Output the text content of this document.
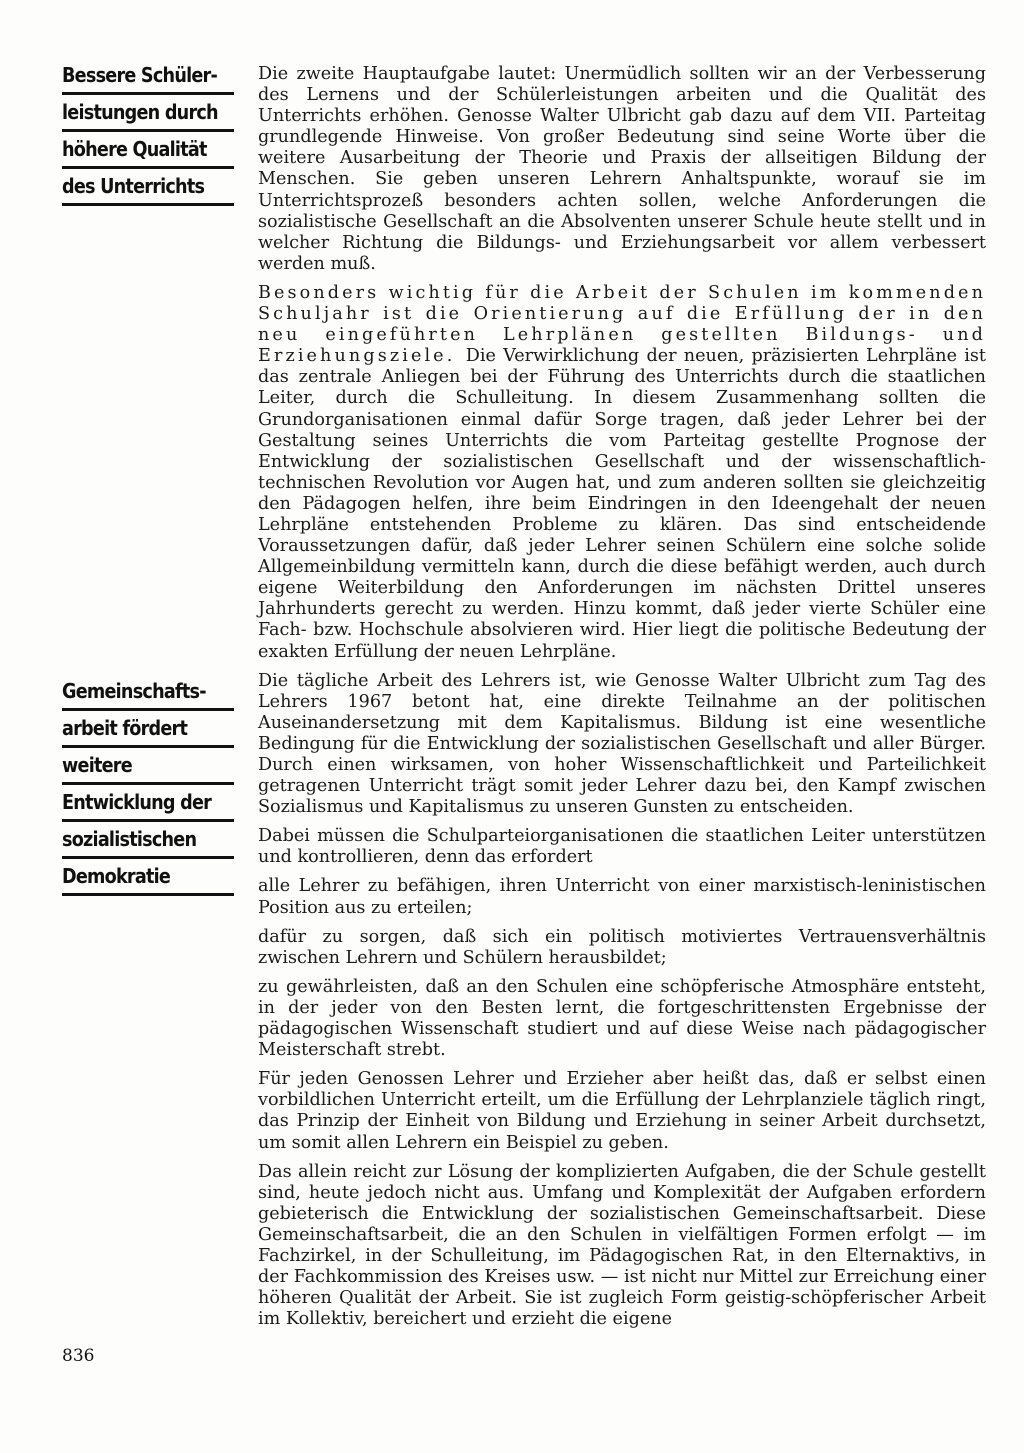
Bessere Schüler-
leistungen durch
höhere Qualität
des Unterrichts
Gemeinschafts-
arbeit fördert
weitere
Entwicklung der
sozialistischen
Demokratie

Die zweite Hauptaufgabe lautet: Unermüdlich sollten wir an der Verbesserung des Lernens und der Schülerleistungen arbeiten und die Qualität des Unterrichts erhöhen. Genosse Walter Ulbricht gab dazu auf dem VII. Parteitag grundlegende Hinweise. Von großer Bedeutung sind seine Worte über die weitere Ausarbeitung der Theorie und Praxis der allseitigen Bildung der Menschen. Sie geben unseren Lehrern Anhaltspunkte, worauf sie im Unterrichtsprozeß besonders achten sollen, welche Anforderungen die sozialistische Gesellschaft an die Absolventen unserer Schule heute stellt und in welcher Richtung die Bildungs- und Erziehungsarbeit vor allem verbessert werden muß.

Besonders wichtig für die Arbeit der Schulen im kommenden Schuljahr ist die Orientierung auf die Erfüllung der in den neu eingeführten Lehrplänen gestellten Bildungs- und Erziehungsziele. Die Verwirklichung der neuen, präzisierten Lehrpläne ist das zentrale Anliegen bei der Führung des Unterrichts durch die staatlichen Leiter, durch die Schulleitung. In diesem Zusammenhang sollten die Grundorganisationen einmal dafür Sorge tragen, daß jeder Lehrer bei der Gestaltung seines Unterrichts die vom Parteitag gestellte Prognose der Entwicklung der sozialistischen Gesellschaft und der wissenschaftlich-technischen Revolution vor Augen hat, und zum anderen sollten sie gleichzeitig den Pädagogen helfen, ihre beim Eindringen in den Ideengehalt der neuen Lehrpläne entstehenden Probleme zu klären. Das sind entscheidende Voraussetzungen dafür, daß jeder Lehrer seinen Schülern eine solche solide Allgemeinbildung vermitteln kann, durch die diese befähigt werden, auch durch eigene Weiterbildung den Anforderungen im nächsten Drittel unseres Jahrhunderts gerecht zu werden. Hinzu kommt, daß jeder vierte Schüler eine Fach- bzw. Hochschule absolvieren wird. Hier liegt die politische Bedeutung der exakten Erfüllung der neuen Lehrpläne.

Die tägliche Arbeit des Lehrers ist, wie Genosse Walter Ulbricht zum Tag des Lehrers 1967 betont hat, eine direkte Teilnahme an der politischen Auseinandersetzung mit dem Kapitalismus. Bildung ist eine wesentliche Bedingung für die Entwicklung der sozialistischen Gesellschaft und aller Bürger. Durch einen wirksamen, von hoher Wissenschaftlichkeit und Parteilichkeit getragenen Unterricht trägt somit jeder Lehrer dazu bei, den Kampf zwischen Sozialismus und Kapitalismus zu unseren Gunsten zu entscheiden.

Dabei müssen die Schulparteiorganisationen die staatlichen Leiter unterstützen und kontrollieren, denn das erfordert

alle Lehrer zu befähigen, ihren Unterricht von einer marxistisch-leninistischen Position aus zu erteilen;

dafür zu sorgen, daß sich ein politisch motiviertes Vertrauensverhältnis zwischen Lehrern und Schülern herausbildet;

zu gewährleisten, daß an den Schulen eine schöpferische Atmosphäre entsteht, in der jeder von den Besten lernt, die fortgeschrittensten Ergebnisse der pädagogischen Wissenschaft studiert und auf diese Weise nach pädagogischer Meisterschaft strebt.

Für jeden Genossen Lehrer und Erzieher aber heißt das, daß er selbst einen vorbildlichen Unterricht erteilt, um die Erfüllung der Lehrplanziele täglich ringt, das Prinzip der Einheit von Bildung und Erziehung in seiner Arbeit durchsetzt, um somit allen Lehrern ein Beispiel zu geben.

Das allein reicht zur Lösung der komplizierten Aufgaben, die der Schule gestellt sind, heute jedoch nicht aus. Umfang und Komplexität der Aufgaben erfordern gebieterisch die Entwicklung der sozialistischen Gemeinschaftsarbeit. Diese Gemeinschaftsarbeit, die an den Schulen in vielfältigen Formen erfolgt — im Fachzirkel, in der Schulleitung, im Pädagogischen Rat, in den Elternaktivs, in der Fachkommission des Kreises usw. — ist nicht nur Mittel zur Erreichung einer höheren Qualität der Arbeit. Sie ist zugleich Form geistig-schöpferischer Arbeit im Kollektiv, bereichert und erzieht die eigene

836
